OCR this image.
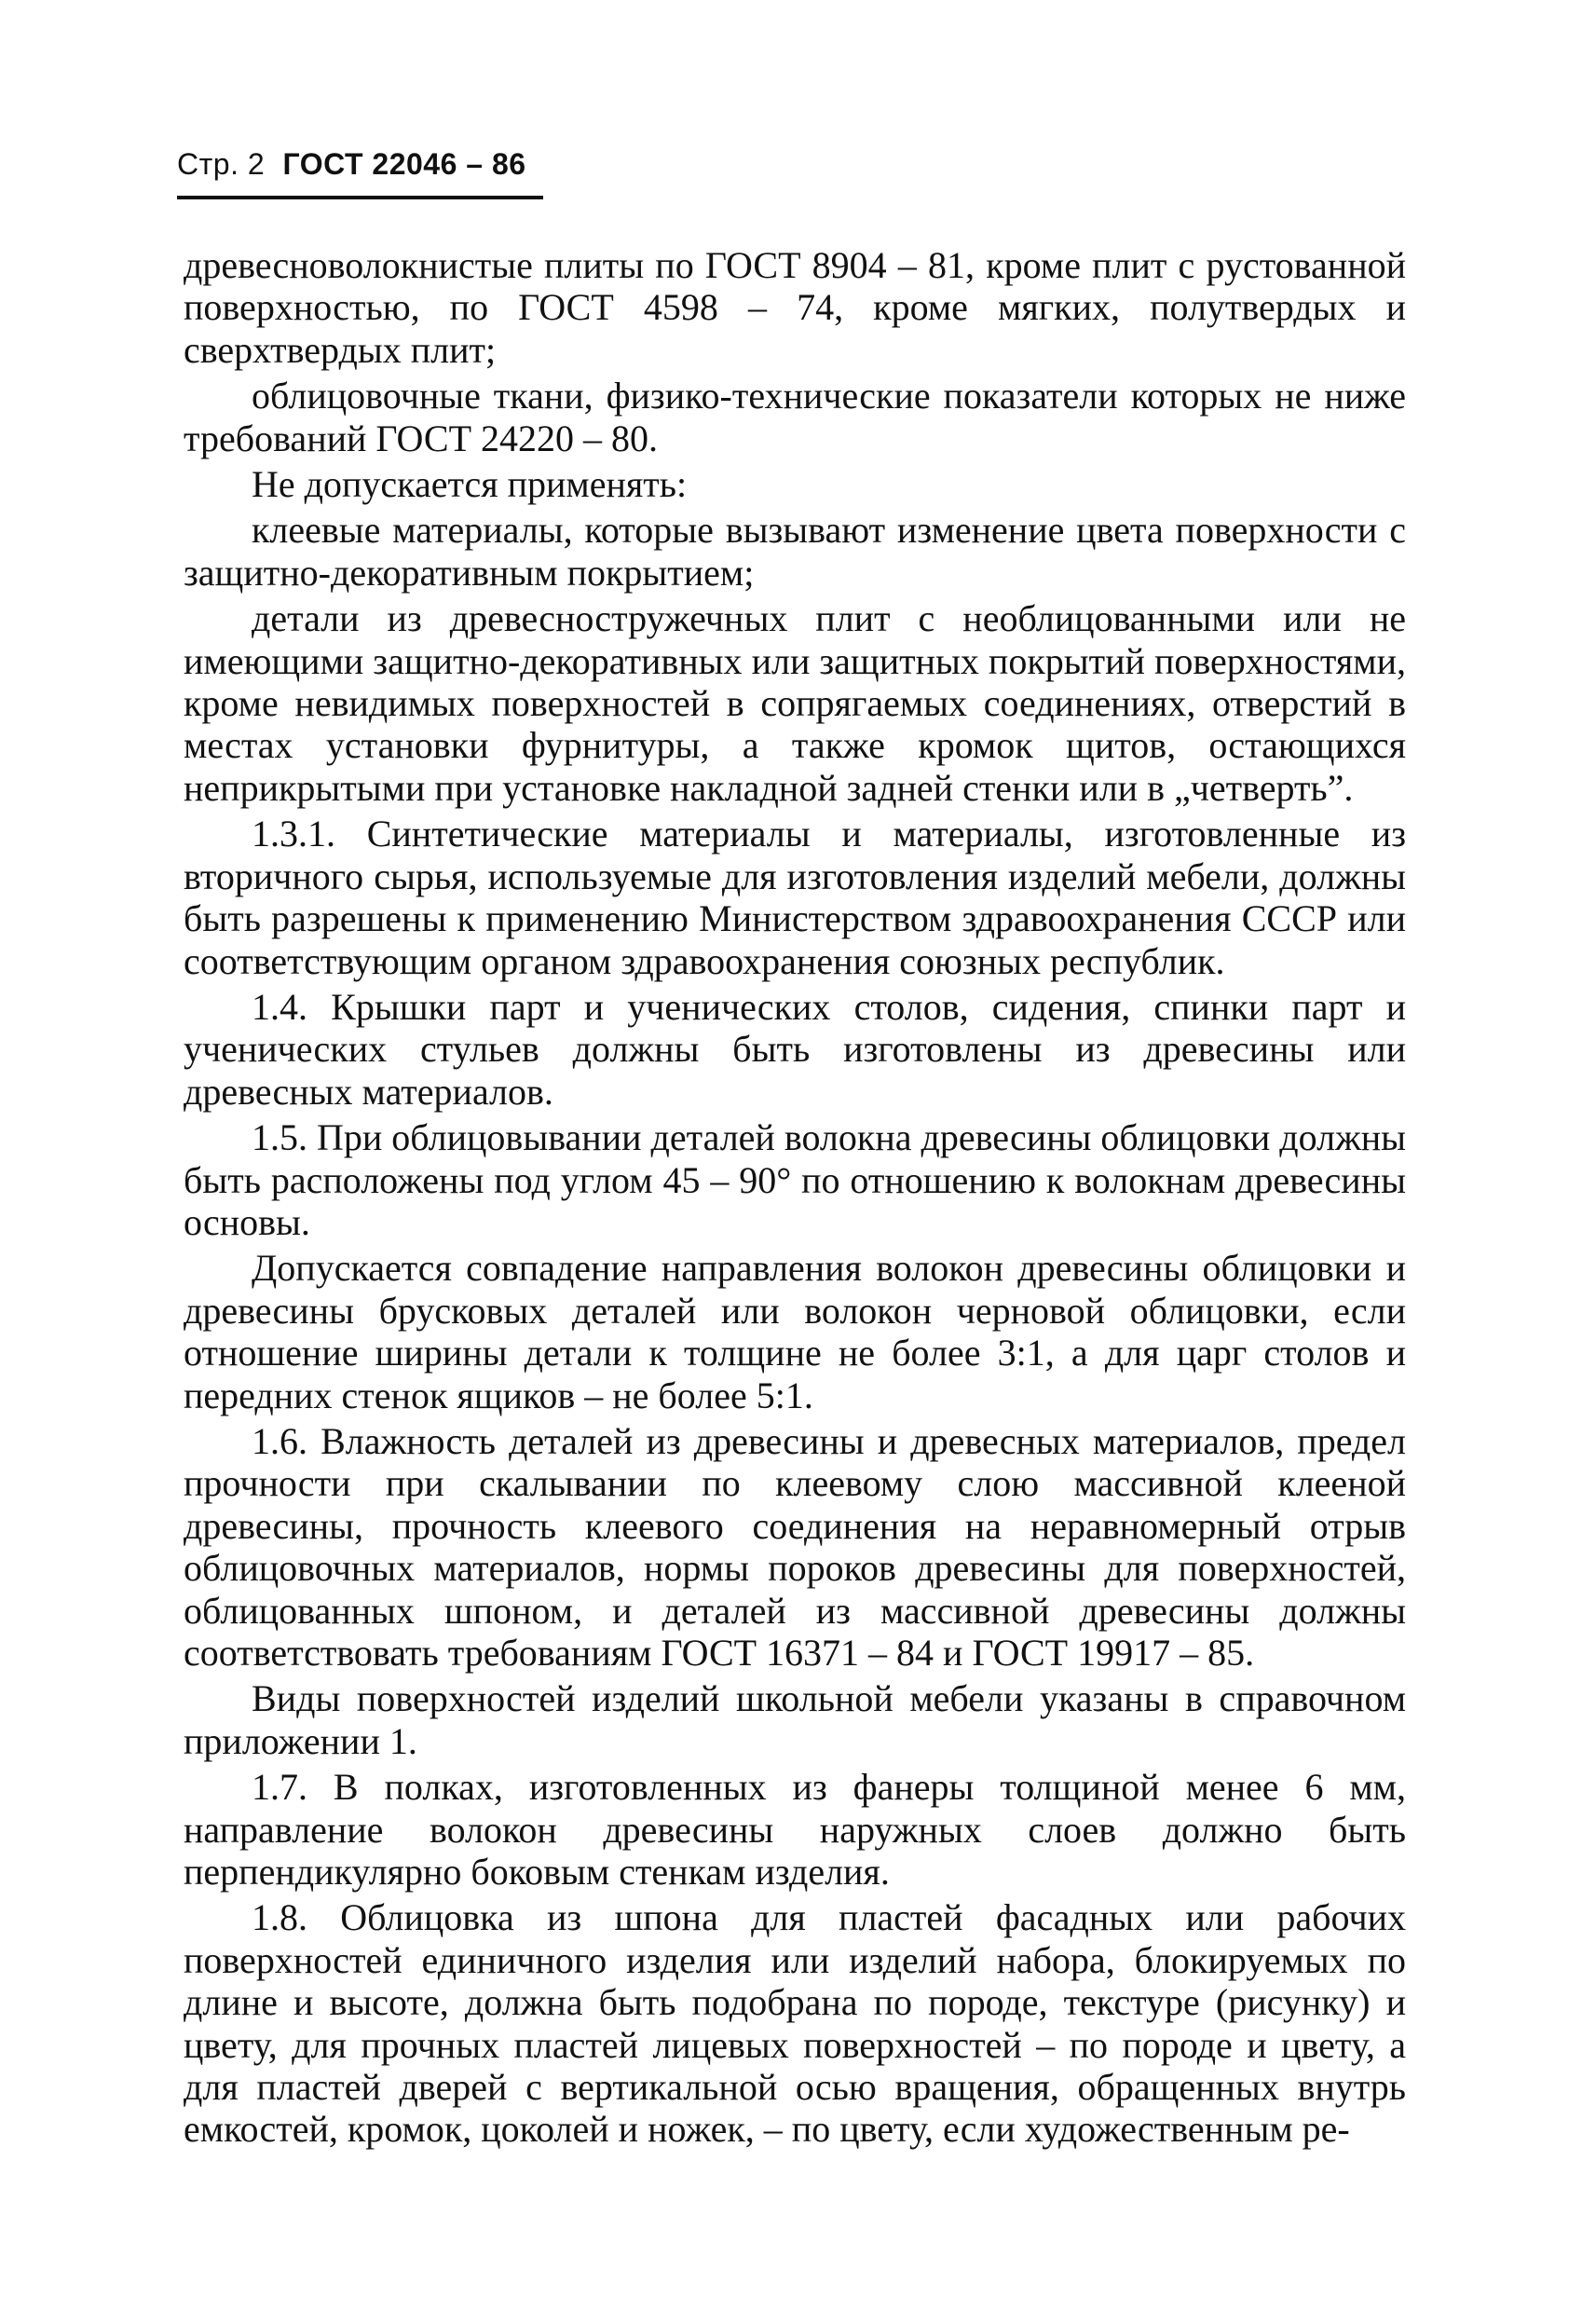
Стр. 2 ГОСТ 22046 – 86

древесноволокнистые плиты по ГОСТ 8904 – 81, кроме плит с рустованной поверхностью, по ГОСТ 4598 – 74, кроме мягких, полутвердых и сверхтвердых плит;

облицовочные ткани, физико-технические показатели которых не ниже требований ГОСТ 24220 – 80.

Не допускается применять:

клеевые материалы, которые вызывают изменение цвета поверхности с защитно-декоративным покрытием;

детали из древесностружечных плит с необлицованными или не имеющими защитно-декоративных или защитных покрытий поверхностями, кроме невидимых поверхностей в сопрягаемых соединениях, отверстий в местах установки фурнитуры, а также кромок щитов, остающихся неприкрытыми при установке накладной задней стенки или в „четверть”.

1.3.1. Синтетические материалы и материалы, изготовленные из вторичного сырья, используемые для изготовления изделий мебели, должны быть разрешены к применению Министерством здравоохранения СССР или соответствующим органом здравоохранения союзных республик.

1.4. Крышки парт и ученических столов, сидения, спинки парт и ученических стульев должны быть изготовлены из древесины или древесных материалов.

1.5. При облицовывании деталей волокна древесины облицовки должны быть расположены под углом 45 – 90° по отношению к волокнам древесины основы.

Допускается совпадение направления волокон древесины облицовки и древесины брусковых деталей или волокон черновой облицовки, если отношение ширины детали к толщине не более 3:1, а для царг столов и передних стенок ящиков – не более 5:1.

1.6. Влажность деталей из древесины и древесных материалов, предел прочности при скалывании по клеевому слою массивной клееной древесины, прочность клеевого соединения на неравномерный отрыв облицовочных материалов, нормы пороков древесины для поверхностей, облицованных шпоном, и деталей из массивной древесины должны соответствовать требованиям ГОСТ 16371 – 84 и ГОСТ 19917 – 85.

Виды поверхностей изделий школьной мебели указаны в справочном приложении 1.

1.7. В полках, изготовленных из фанеры толщиной менее 6 мм, направление волокон древесины наружных слоев должно быть перпендикулярно боковым стенкам изделия.

1.8. Облицовка из шпона для пластей фасадных или рабочих поверхностей единичного изделия или изделий набора, блокируемых по длине и высоте, должна быть подобрана по породе, текстуре (рисунку) и цвету, для прочных пластей лицевых поверхностей – по породе и цвету, а для пластей дверей с вертикальной осью вращения, обращенных внутрь емкостей, кромок, цоколей и ножек, – по цвету, если художественным ре-
